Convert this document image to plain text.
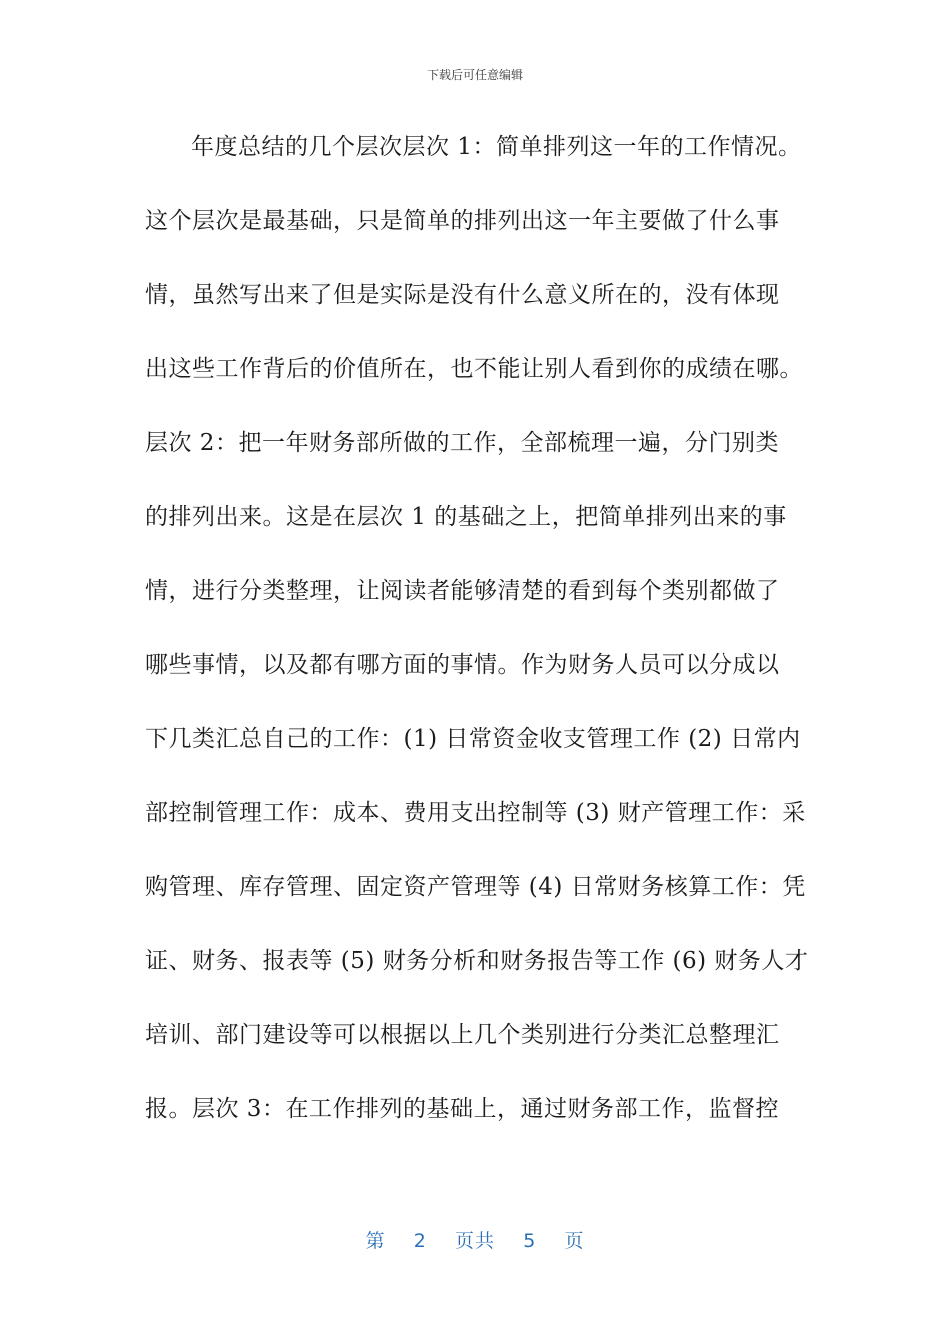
下载后可任意编辑
年度总结的几个层次层次 1：简单排列这一年的工作情况。
这个层次是最基础，只是简单的排列出这一年主要做了什么事
情，虽然写出来了但是实际是没有什么意义所在的，没有体现
出这些工作背后的价值所在，也不能让别人看到你的成绩在哪。
层次 2：把一年财务部所做的工作，全部梳理一遍，分门别类
的排列出来。这是在层次 1 的基础之上，把简单排列出来的事
情，进行分类整理，让阅读者能够清楚的看到每个类别都做了
哪些事情，以及都有哪方面的事情。作为财务人员可以分成以
下几类汇总自己的工作：(1) 日常资金收支管理工作 (2) 日常内
部控制管理工作：成本、费用支出控制等 (3) 财产管理工作：采
购管理、库存管理、固定资产管理等 (4) 日常财务核算工作：凭
证、财务、报表等 (5) 财务分析和财务报告等工作 (6) 财务人才
培训、部门建设等可以根据以上几个类别进行分类汇总整理汇
报。层次 3：在工作排列的基础上，通过财务部工作，监督控
第 2 页共 5 页
